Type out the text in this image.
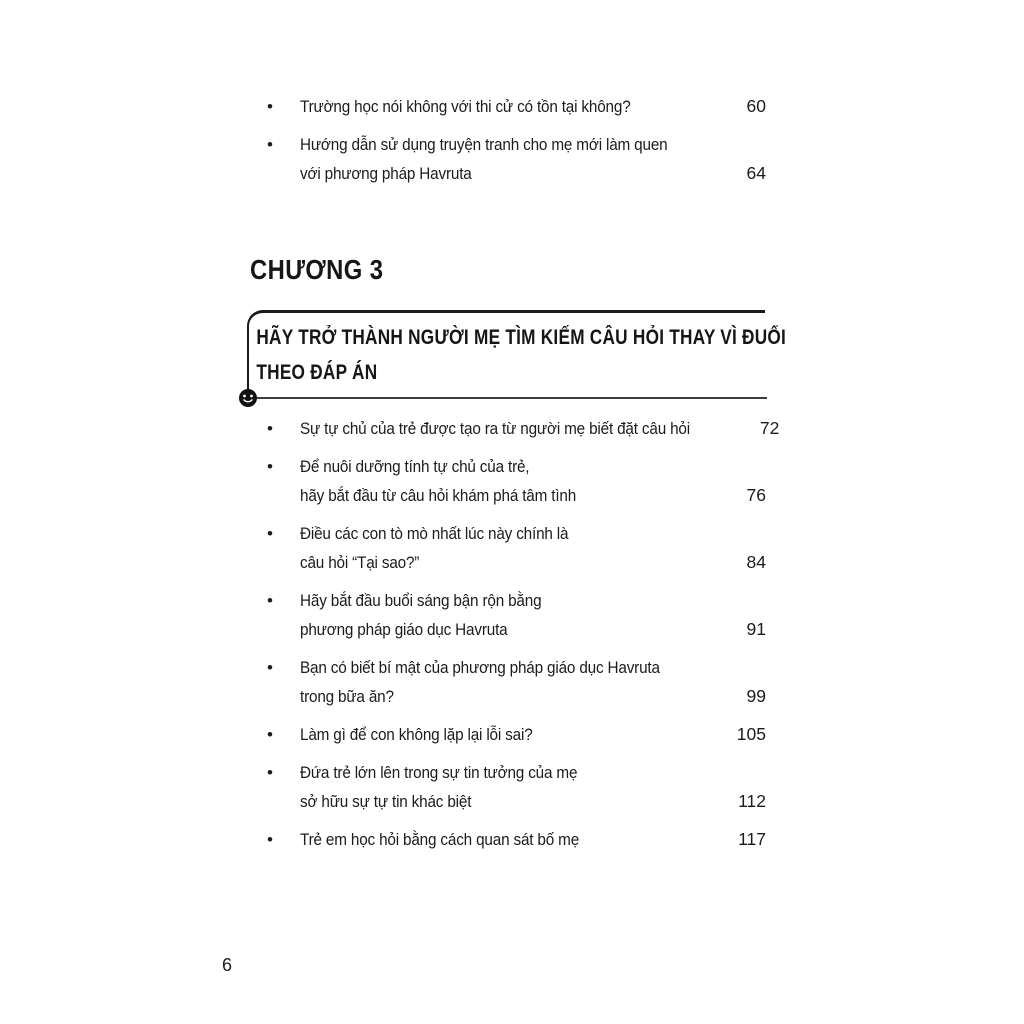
•	Trường học nói không với thi cử có tồn tại không?	60
•	Hướng dẫn sử dụng truyện tranh cho mẹ mới làm quen
với phương pháp Havruta	64
CHƯƠNG 3
HÃY TRỞ THÀNH NGƯỜI MẸ TÌM KIẾM CÂU HỎI THAY VÌ ĐUỔI
THEO ĐÁP ÁN
•	Sự tự chủ của trẻ được tạo ra từ người mẹ biết đặt câu hỏi	72
•	Để nuôi dưỡng tính tự chủ của trẻ,
hãy bắt đầu từ câu hỏi khám phá tâm tình	76
•	Điều các con tò mò nhất lúc này chính là
câu hỏi “Tại sao?”	84
•	Hãy bắt đầu buổi sáng bận rộn bằng
phương pháp giáo dục Havruta	91
•	Bạn có biết bí mật của phương pháp giáo dục Havruta
trong bữa ăn?	99
•	Làm gì để con không lặp lại lỗi sai?	105
•	Đứa trẻ lớn lên trong sự tin tưởng của mẹ
sở hữu sự tự tin khác biệt	112
•	Trẻ em học hỏi bằng cách quan sát bố mẹ	117
6
